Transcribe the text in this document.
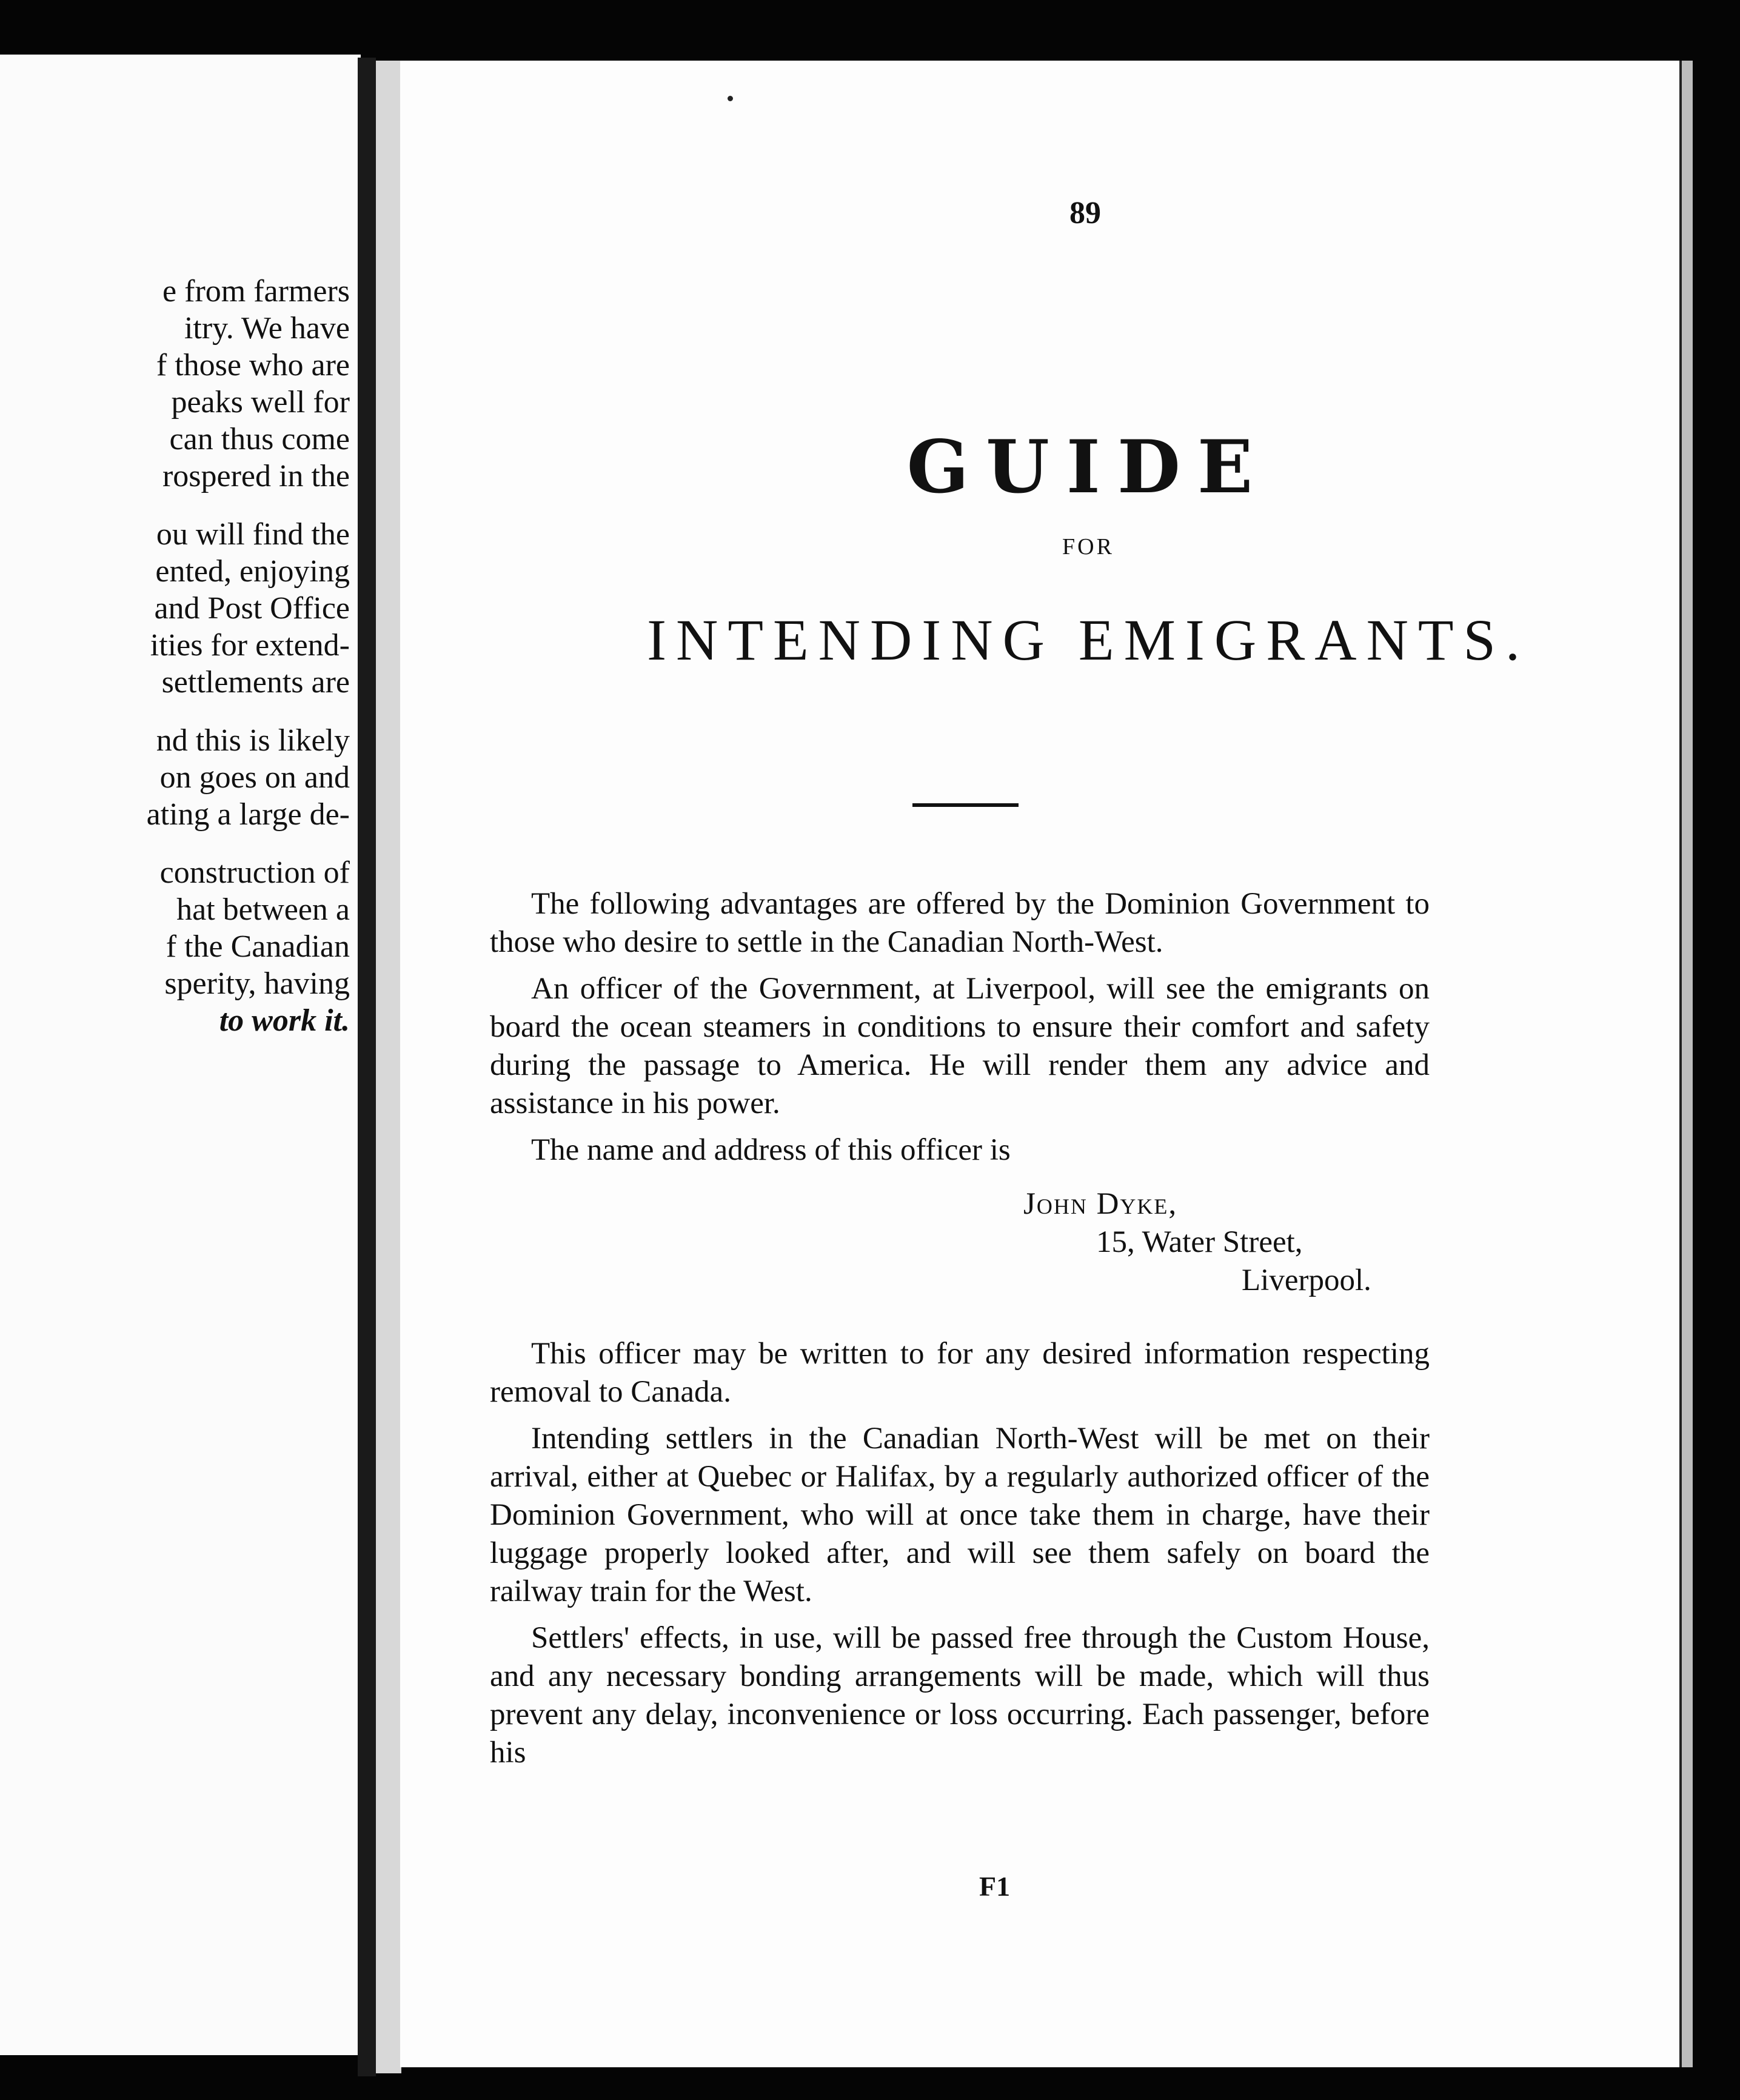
e from farmers
itry. We have
f those who are
peaks well for
can thus come
rospered in the
ou will find the
ented, enjoying
and Post Office
ities for extend-
settlements are
nd this is likely
on goes on and
ating a large de-
construction of
hat between a
f the Canadian
sperity, having
to work it.
89
GUIDE
FOR
INTENDING EMIGRANTS.

The following advantages are offered by the Dominion Government to those who desire to settle in the Canadian North-West.

An officer of the Government, at Liverpool, will see the emigrants on board the ocean steamers in conditions to ensure their comfort and safety during the passage to America. He will render them any advice and assistance in his power.

The name and address of this officer is

John Dyke,
15, Water Street,
Liverpool.

This officer may be written to for any desired information respecting removal to Canada.

Intending settlers in the Canadian North-West will be met on their arrival, either at Quebec or Halifax, by a regularly authorized officer of the Dominion Government, who will at once take them in charge, have their luggage properly looked after, and will see them safely on board the railway train for the West.

Settlers' effects, in use, will be passed free through the Custom House, and any necessary bonding arrangements will be made, which will thus prevent any delay, inconvenience or loss occurring. Each passenger, before his

F1
